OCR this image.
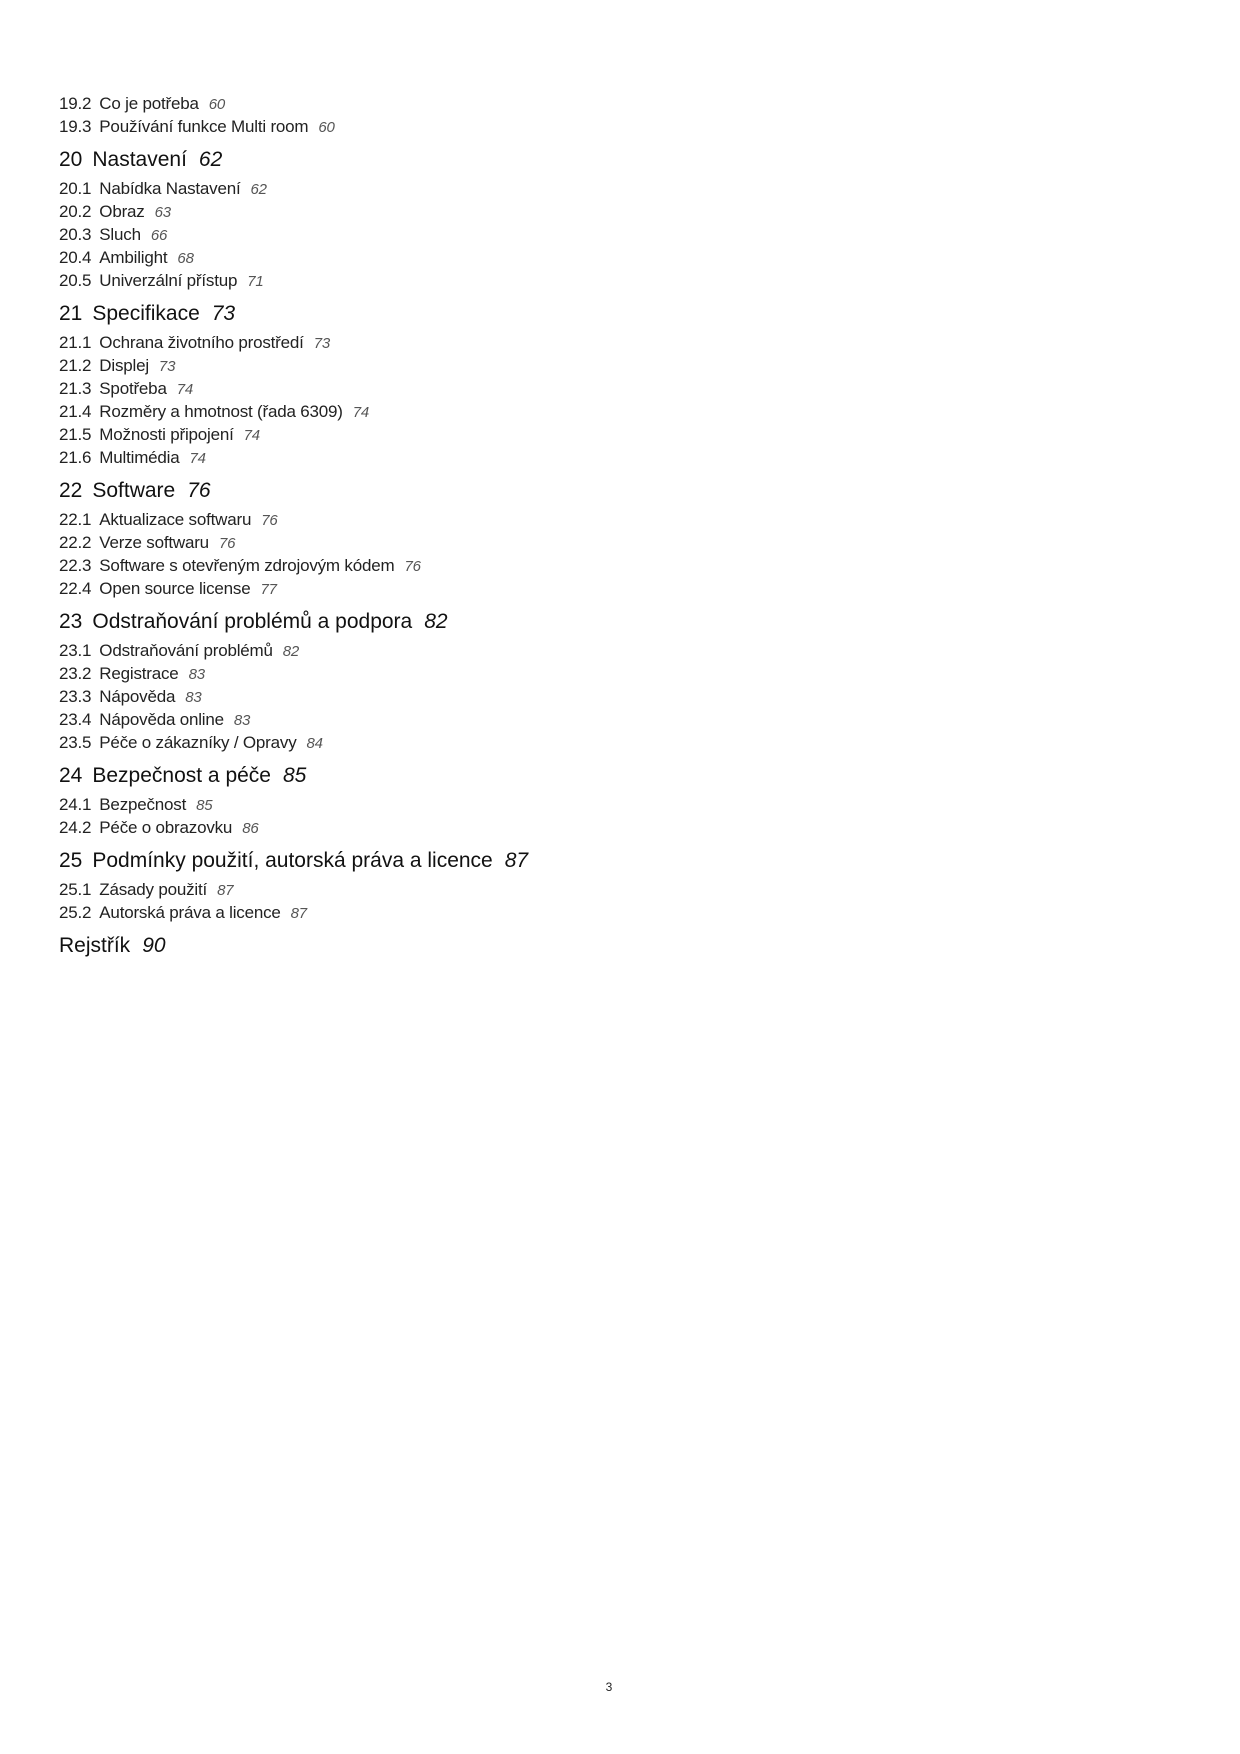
19.2 Co je potřeba 60
19.3 Používání funkce Multi room 60
20 Nastavení 62
20.1 Nabídka Nastavení 62
20.2 Obraz 63
20.3 Sluch 66
20.4 Ambilight 68
20.5 Univerzální přístup 71
21 Specifikace 73
21.1 Ochrana životního prostředí 73
21.2 Displej 73
21.3 Spotřeba 74
21.4 Rozměry a hmotnost (řada 6309) 74
21.5 Možnosti připojení 74
21.6 Multimédia 74
22 Software 76
22.1 Aktualizace softwaru 76
22.2 Verze softwaru 76
22.3 Software s otevřeným zdrojovým kódem 76
22.4 Open source license 77
23 Odstraňování problémů a podpora 82
23.1 Odstraňování problémů 82
23.2 Registrace 83
23.3 Nápověda 83
23.4 Nápověda online 83
23.5 Péče o zákazníky / Opravy 84
24 Bezpečnost a péče 85
24.1 Bezpečnost 85
24.2 Péče o obrazovku 86
25 Podmínky použití, autorská práva a licence 87
25.1 Zásady použití 87
25.2 Autorská práva a licence 87
Rejstřík 90
3
